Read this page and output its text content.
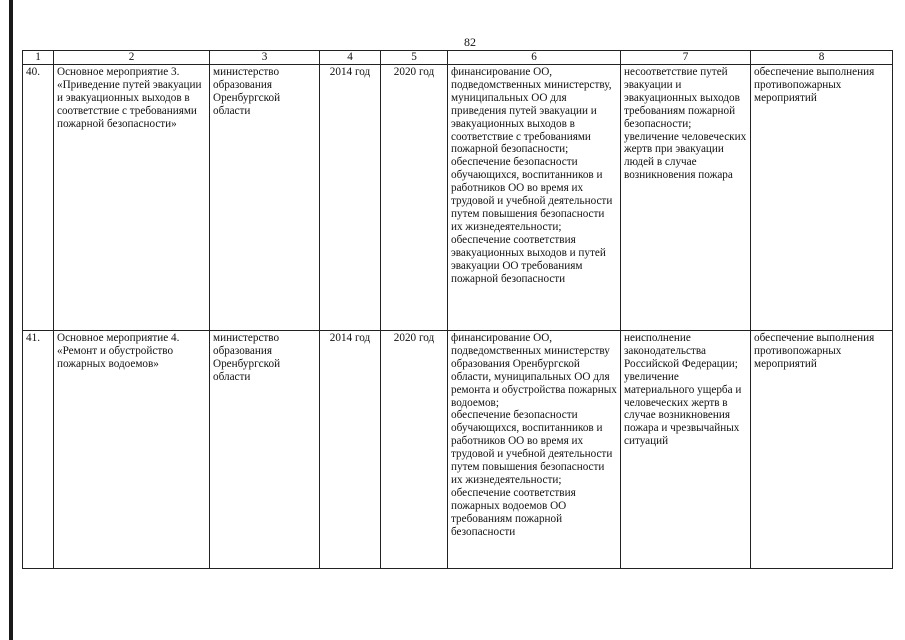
82
1	2	3	4	5	6	7	8
40.	Основное мероприятие 3. «Приведение путей эвакуации и эвакуационных выходов в соответствие с требованиями пожарной безопасности»	министерство образования Оренбургской области	2014 год	2020 год	финансирование ОО, подведомственных министерству, муниципальных ОО для приведения путей эвакуации и эвакуационных выходов в соответствие с требованиями пожарной безопасности;
обеспечение безопасности обучающихся, воспитанников и работников ОО во время их трудовой и учебной деятельности путем повышения безопасности их жизнедеятельности;
обеспечение соответствия эвакуационных выходов и путей эвакуации ОО требованиям пожарной безопасности	несоответствие путей эвакуации и эвакуационных выходов требованиям пожарной безопасности;
увеличение человеческих жертв при эвакуации людей в случае возникновения пожара	обеспечение выполнения противопожарных мероприятий
41.	Основное мероприятие 4. «Ремонт и обустройство пожарных водоемов»	министерство образования Оренбургской области	2014 год	2020 год	финансирование ОО, подведомственных министерству образования Оренбургской области, муниципальных ОО для ремонта и обустройства пожарных водоемов;
обеспечение безопасности обучающихся, воспитанников и работников ОО во время их трудовой и учебной деятельности путем повышения безопасности их жизнедеятельности;
обеспечение соответствия пожарных водоемов ОО требованиям пожарной безопасности	неисполнение законодательства Российской Федерации;
увеличение материального ущерба и человеческих жертв в случае возникновения пожара и чрезвычайных ситуаций	обеспечение выполнения противопожарных мероприятий
